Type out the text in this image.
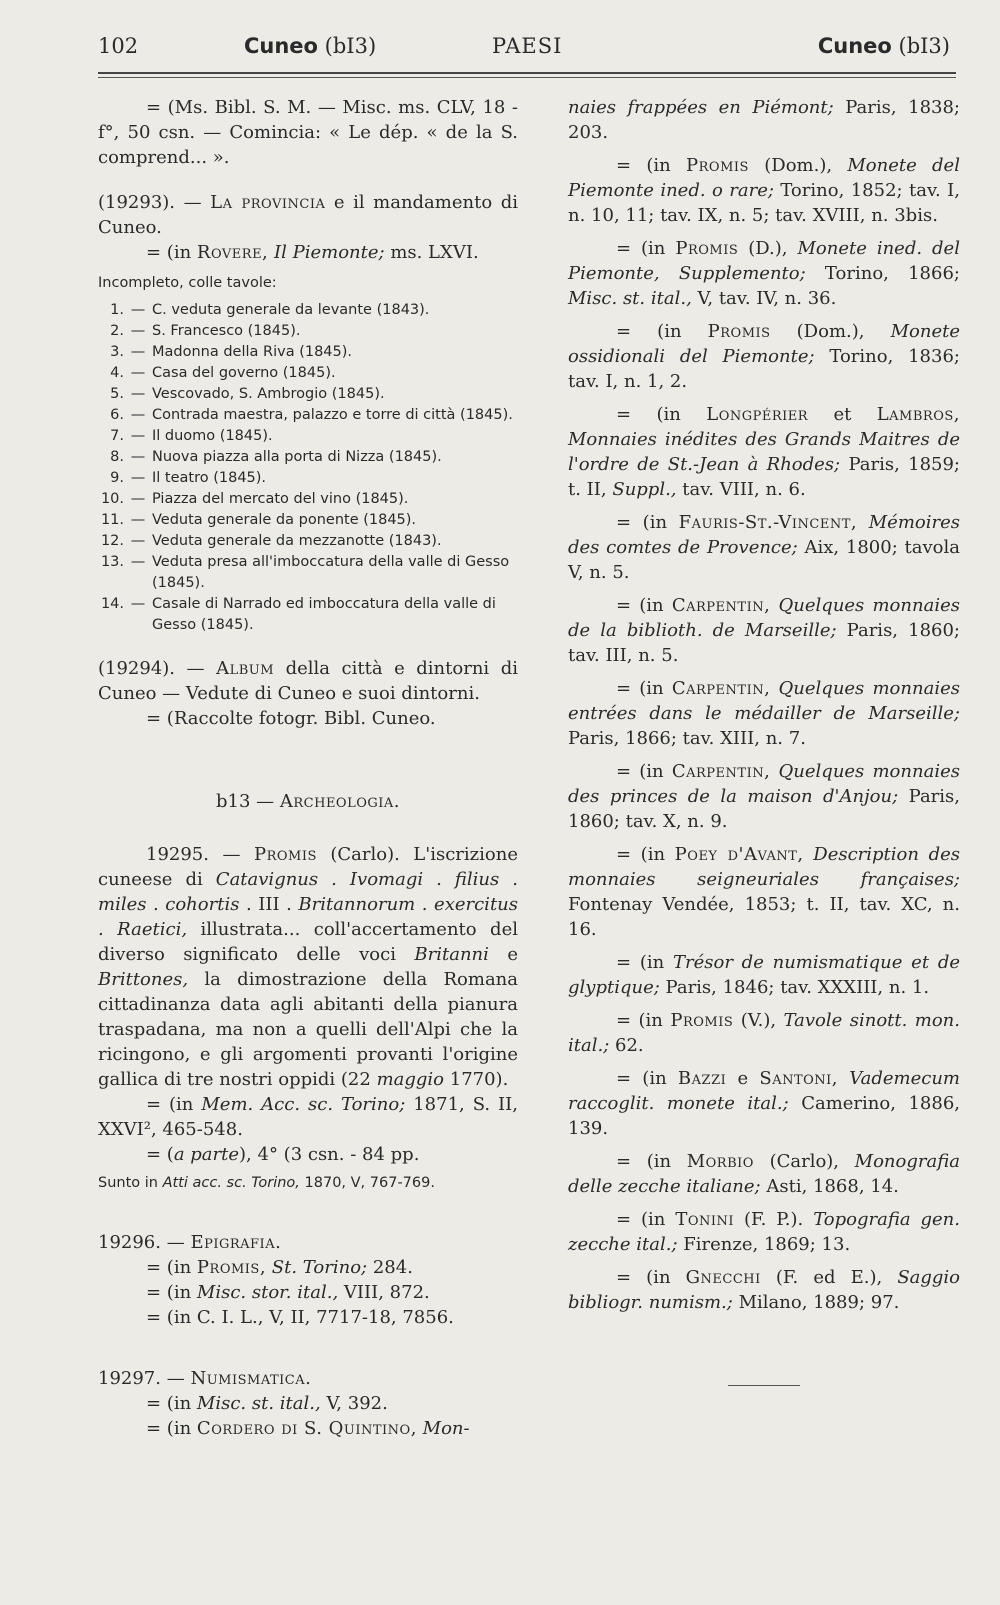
102	Cuneo (bI3)	PAESI	Cuneo (bI3)

= (Ms. Bibl. S. M. — Misc. ms. CLV, 18 - f°, 50 csn. — Comincia: « Le dép. « de la S. comprend... ».

(19293). — La provincia e il mandamento di Cuneo.

= (in Rovere, Il Piemonte; ms. LXVI.

Incompleto, colle tavole:

1. — C. veduta generale da levante (1843).
2. — S. Francesco (1845).
3. — Madonna della Riva (1845).
4. — Casa del governo (1845).
5. — Vescovado, S. Ambrogio (1845).
6. — Contrada maestra, palazzo e torre di città (1845).
7. — Il duomo (1845).
8. — Nuova piazza alla porta di Nizza (1845).
9. — Il teatro (1845).
10. — Piazza del mercato del vino (1845).
11. — Veduta generale da ponente (1845).
12. — Veduta generale da mezzanotte (1843).
13. — Veduta presa all'imboccatura della valle di Gesso (1845).
14. — Casale di Narrado ed imboccatura della valle di Gesso (1845).

(19294). — Album della città e dintorni di Cuneo — Vedute di Cuneo e suoi dintorni.

= (Raccolte fotogr. Bibl. Cuneo.

b13 — Archeologia.

19295. — Promis (Carlo). L'iscrizione cuneese di Catavignus . Ivomagi . filius . miles . cohortis . III . Britannorum . exercitus . Raetici, illustrata... coll'accertamento del diverso significato delle voci Britanni e Brittones, la dimostrazione della Romana cittadinanza data agli abitanti della pianura traspadana, ma non a quelli dell'Alpi che la ricingono, e gli argomenti provanti l'origine gallica di tre nostri oppidi (22 maggio 1770).

= (in Mem. Acc. sc. Torino; 1871, S. II, XXVI², 465-548.

= (a parte), 4° (3 csn. - 84 pp.

Sunto in Atti acc. sc. Torino, 1870, V, 767-769.

19296. — Epigrafia.

= (in Promis, St. Torino; 284.

= (in Misc. stor. ital., VIII, 872.

= (in C. I. L., V, II, 7717-18, 7856.

19297. — Numismatica.

= (in Misc. st. ital., V, 392.

= (in Cordero di S. Quintino, Mon-

naies frappées en Piémont; Paris, 1838; 203.

= (in Promis (Dom.), Monete del Piemonte ined. o rare; Torino, 1852; tav. I, n. 10, 11; tav. IX, n. 5; tav. XVIII, n. 3bis.

= (in Promis (D.), Monete ined. del Piemonte, Supplemento; Torino, 1866; Misc. st. ital., V, tav. IV, n. 36.

= (in Promis (Dom.), Monete ossidionali del Piemonte; Torino, 1836; tav. I, n. 1, 2.

= (in Longpérier et Lambros, Monnaies inédites des Grands Maitres de l'ordre de St.-Jean à Rhodes; Paris, 1859; t. II, Suppl., tav. VIII, n. 6.

= (in Fauris-St.-Vincent, Mémoires des comtes de Provence; Aix, 1800; tavola V, n. 5.

= (in Carpentin, Quelques monnaies de la biblioth. de Marseille; Paris, 1860; tav. III, n. 5.

= (in Carpentin, Quelques monnaies entrées dans le médailler de Marseille; Paris, 1866; tav. XIII, n. 7.

= (in Carpentin, Quelques monnaies des princes de la maison d'Anjou; Paris, 1860; tav. X, n. 9.

= (in Poey d'Avant, Description des monnaies seigneuriales françaises; Fontenay Vendée, 1853; t. II, tav. XC, n. 16.

= (in Trésor de numismatique et de glyptique; Paris, 1846; tav. XXXIII, n. 1.

= (in Promis (V.), Tavole sinott. mon. ital.; 62.

= (in Bazzi e Santoni, Vademecum raccoglit. monete ital.; Camerino, 1886, 139.

= (in Morbio (Carlo), Monografia delle zecche italiane; Asti, 1868, 14.

= (in Tonini (F. P.). Topografia gen. zecche ital.; Firenze, 1869; 13.

= (in Gnecchi (F. ed E.), Saggio bibliogr. numism.; Milano, 1889; 97.
